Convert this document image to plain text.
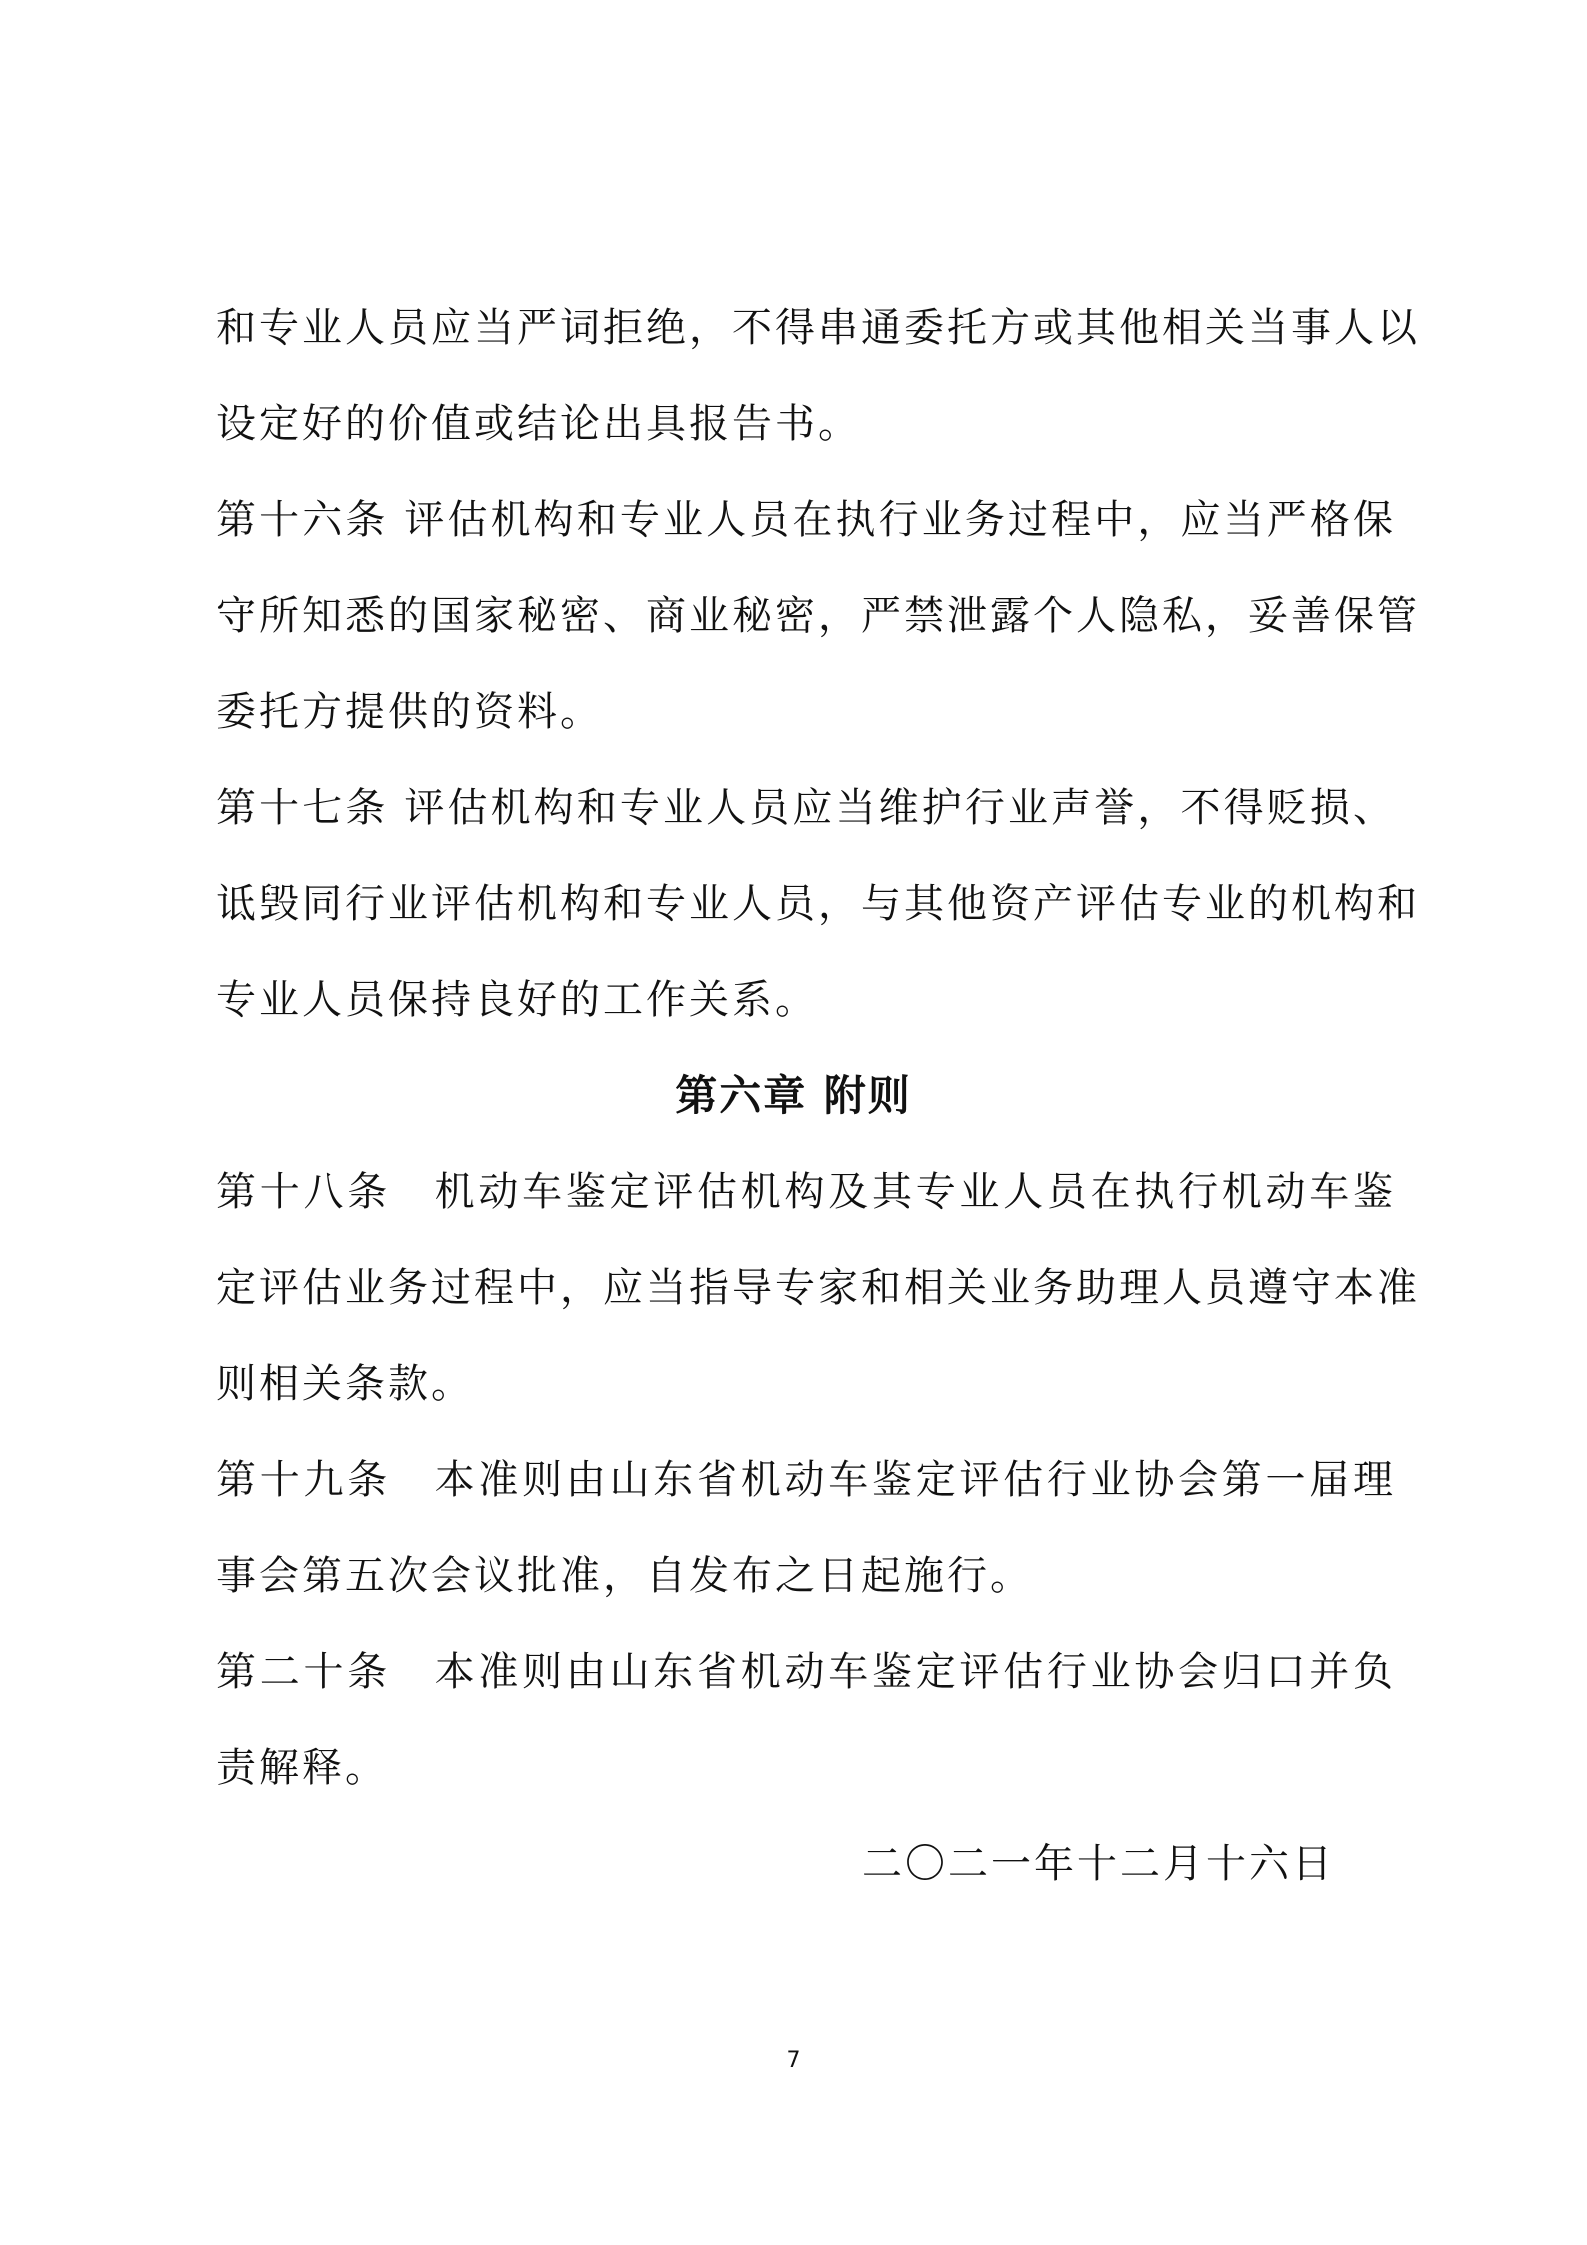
和专业人员应当严词拒绝，不得串通委托方或其他相关当事人以
设定好的价值或结论出具报告书。
第十六条 评估机构和专业人员在执行业务过程中，应当严格保
守所知悉的国家秘密、商业秘密，严禁泄露个人隐私，妥善保管
委托方提供的资料。
第十七条 评估机构和专业人员应当维护行业声誉，不得贬损、
诋毁同行业评估机构和专业人员，与其他资产评估专业的机构和
专业人员保持良好的工作关系。
第六章 附则
第十八条　机动车鉴定评估机构及其专业人员在执行机动车鉴
定评估业务过程中，应当指导专家和相关业务助理人员遵守本准
则相关条款。
第十九条　本准则由山东省机动车鉴定评估行业协会第一届理
事会第五次会议批准，自发布之日起施行。
第二十条　本准则由山东省机动车鉴定评估行业协会归口并负
责解释。
二〇二一年十二月十六日
7
